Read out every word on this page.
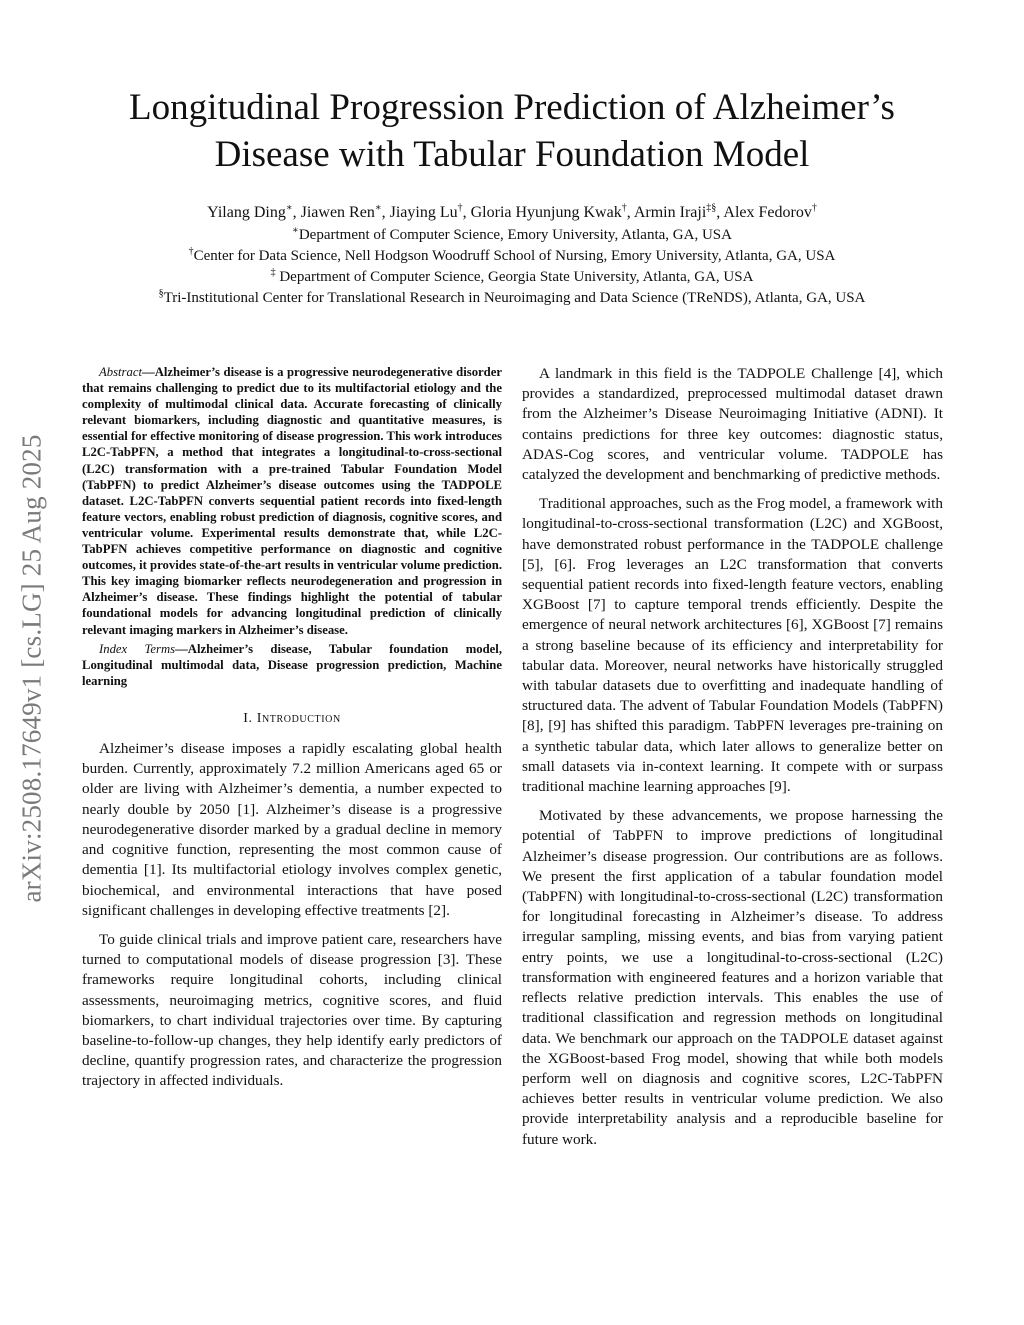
arXiv:2508.17649v1 [cs.LG] 25 Aug 2025
Longitudinal Progression Prediction of Alzheimer’s
Disease with Tabular Foundation Model
Yilang Ding∗, Jiawen Ren∗, Jiaying Lu†, Gloria Hyunjung Kwak†, Armin Iraji‡§, Alex Fedorov†
∗Department of Computer Science, Emory University, Atlanta, GA, USA
†Center for Data Science, Nell Hodgson Woodruff School of Nursing, Emory University, Atlanta, GA, USA
‡ Department of Computer Science, Georgia State University, Atlanta, GA, USA
§Tri-Institutional Center for Translational Research in Neuroimaging and Data Science (TReNDS), Atlanta, GA, USA

Abstract—Alzheimer’s disease is a progressive neurodegenerative disorder that remains challenging to predict due to its multifactorial etiology and the complexity of multimodal clinical data. Accurate forecasting of clinically relevant biomarkers, including diagnostic and quantitative measures, is essential for effective monitoring of disease progression. This work introduces L2C-TabPFN, a method that integrates a longitudinal-to-cross-sectional (L2C) transformation with a pre-trained Tabular Foundation Model (TabPFN) to predict Alzheimer’s disease outcomes using the TADPOLE dataset. L2C-TabPFN converts sequential patient records into fixed-length feature vectors, enabling robust prediction of diagnosis, cognitive scores, and ventricular volume. Experimental results demonstrate that, while L2C-TabPFN achieves competitive performance on diagnostic and cognitive outcomes, it provides state-of-the-art results in ventricular volume prediction. This key imaging biomarker reflects neurodegeneration and progression in Alzheimer’s disease. These findings highlight the potential of tabular foundational models for advancing longitudinal prediction of clinically relevant imaging markers in Alzheimer’s disease.

Index Terms—Alzheimer’s disease, Tabular foundation model, Longitudinal multimodal data, Disease progression prediction, Machine learning

I. Introduction

Alzheimer’s disease imposes a rapidly escalating global health burden. Currently, approximately 7.2 million Americans aged 65 or older are living with Alzheimer’s dementia, a number expected to nearly double by 2050 [1]. Alzheimer’s disease is a progressive neurodegenerative disorder marked by a gradual decline in memory and cognitive function, representing the most common cause of dementia [1]. Its multifactorial etiology involves complex genetic, biochemical, and environmental interactions that have posed significant challenges in developing effective treatments [2].

To guide clinical trials and improve patient care, researchers have turned to computational models of disease progression [3]. These frameworks require longitudinal cohorts, including clinical assessments, neuroimaging metrics, cognitive scores, and fluid biomarkers, to chart individual trajectories over time. By capturing baseline-to-follow-up changes, they help identify early predictors of decline, quantify progression rates, and characterize the progression trajectory in affected individuals.

A landmark in this field is the TADPOLE Challenge [4], which provides a standardized, preprocessed multimodal dataset drawn from the Alzheimer’s Disease Neuroimaging Initiative (ADNI). It contains predictions for three key outcomes: diagnostic status, ADAS-Cog scores, and ventricular volume. TADPOLE has catalyzed the development and benchmarking of predictive methods.

Traditional approaches, such as the Frog model, a framework with longitudinal-to-cross-sectional transformation (L2C) and XGBoost, have demonstrated robust performance in the TADPOLE challenge [5], [6]. Frog leverages an L2C transformation that converts sequential patient records into fixed-length feature vectors, enabling XGBoost [7] to capture temporal trends efficiently. Despite the emergence of neural network architectures [6], XGBoost [7] remains a strong baseline because of its efficiency and interpretability for tabular data. Moreover, neural networks have historically struggled with tabular datasets due to overfitting and inadequate handling of structured data. The advent of Tabular Foundation Models (TabPFN) [8], [9] has shifted this paradigm. TabPFN leverages pre-training on a synthetic tabular data, which later allows to generalize better on small datasets via in-context learning. It compete with or surpass traditional machine learning approaches [9].

Motivated by these advancements, we propose harnessing the potential of TabPFN to improve predictions of longitudinal Alzheimer’s disease progression. Our contributions are as follows. We present the first application of a tabular foundation model (TabPFN) with longitudinal-to-cross-sectional (L2C) transformation for longitudinal forecasting in Alzheimer’s disease. To address irregular sampling, missing events, and bias from varying patient entry points, we use a longitudinal-to-cross-sectional (L2C) transformation with engineered features and a horizon variable that reflects relative prediction intervals. This enables the use of traditional classification and regression methods on longitudinal data. We benchmark our approach on the TADPOLE dataset against the XGBoost-based Frog model, showing that while both models perform well on diagnosis and cognitive scores, L2C-TabPFN achieves better results in ventricular volume prediction. We also provide interpretability analysis and a reproducible baseline for future work.
